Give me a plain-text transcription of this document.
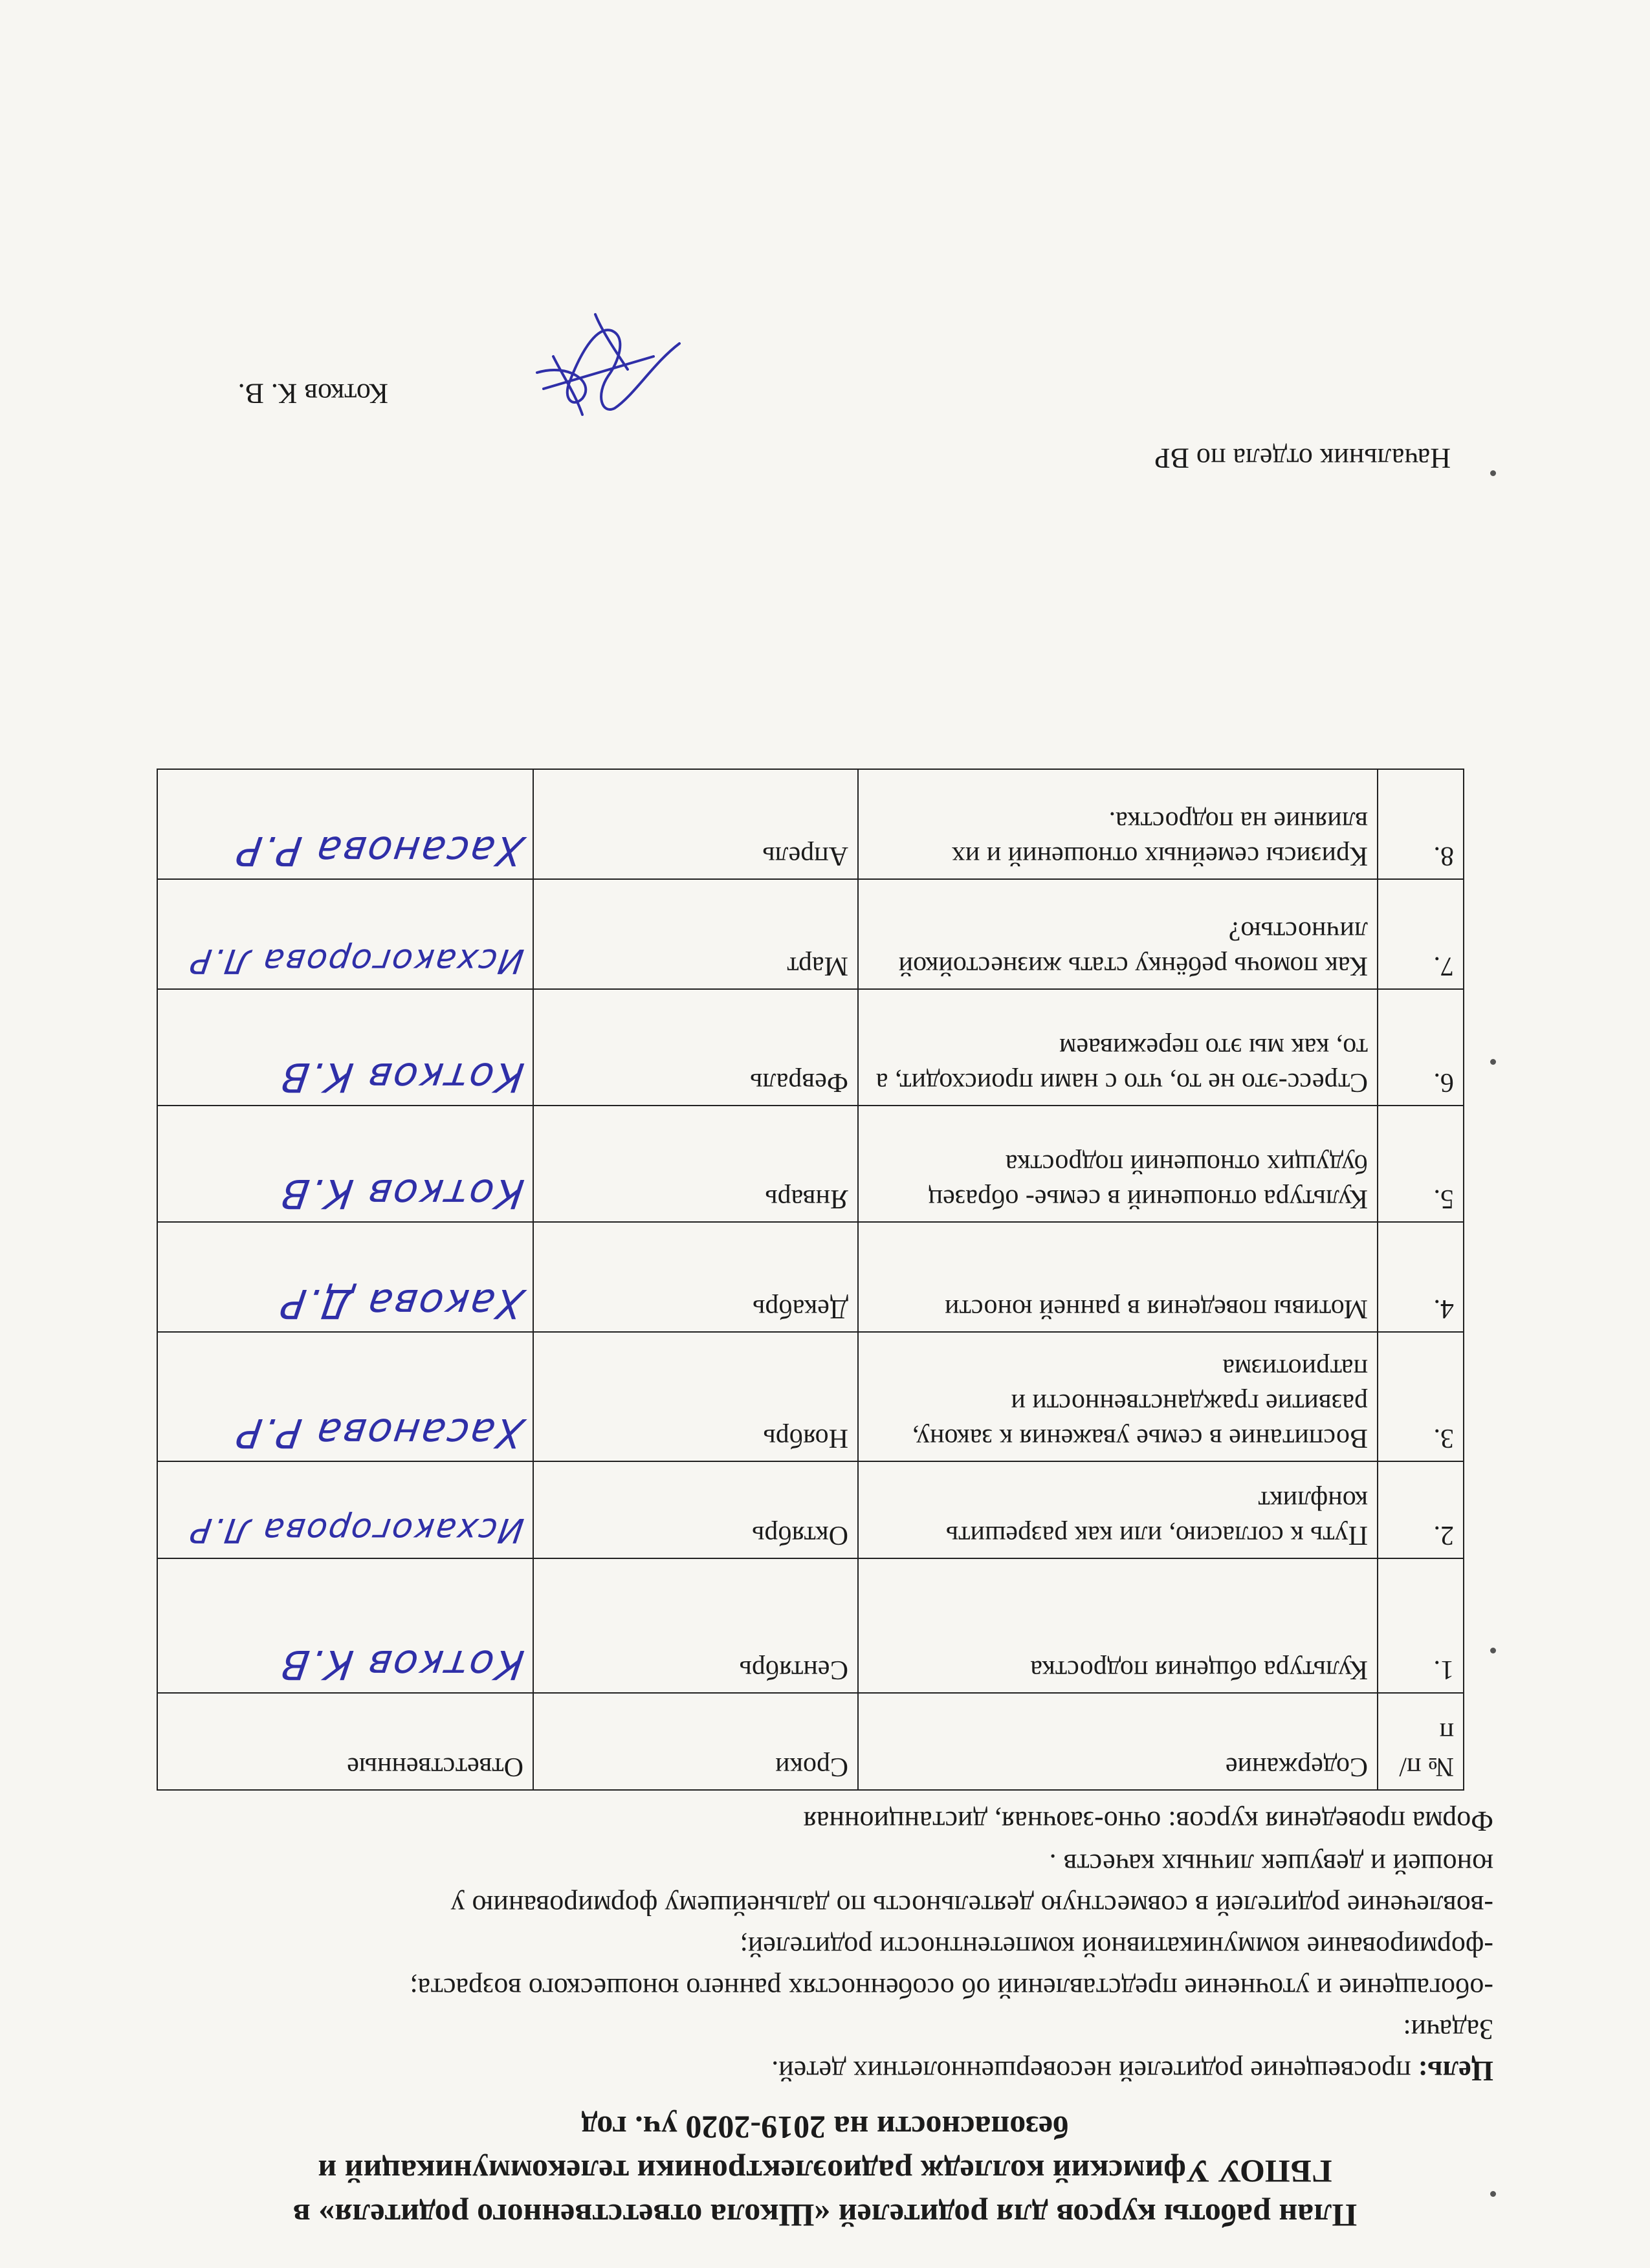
План работы курсов для родителей «Школа ответственного родителя» в
ГБПОУ Уфимский колледж радиоэлектроники телекоммуникаций и
безопасности на 2019-2020 уч. год
Цель: просвещение родителей несовершеннолетних детей.
Задачи:
-обогащение и уточнение представлений об особенностях раннего юношеского возраста;
-формирование коммуникативной компетентности родителей;
-вовлечение родителей в совместную деятельность по дальнейшему формированию у
юношей и девушек личных качеств .
Форма проведения курсов: очно-заочная, дистанционная
№ п/п	Содержание	Сроки	Ответственные
1.	Культура общения подростка	Сентябрь	Котков К.В
2.	Путь к согласию, или как разрешить конфликт	Октябрь	Исхакогорова Л.Р
3.	Воспитание в семье уважения к закону, развитие гражданственности и патриотизма	Ноябрь	Хасанова Р.Р
4.	Мотивы поведения в ранней юности	Декабрь	Хакова Д.Р
5.	Культура отношений в семье- образец будущих отношений подростка	Январь	Котков К.В
6.	Стресс-это не то, что с нами происходит, а то, как мы это переживаем	Февраль	Котков К.В
7.	Как помочь ребёнку стать жизнестойкой личностью?	Март	Исхакогорова Л.Р
8.	Кризисы семейных отношений и их влияние на подростка.	Апрель	Хасанова Р.Р
Начальник отдела по ВР
Котков К. В.
